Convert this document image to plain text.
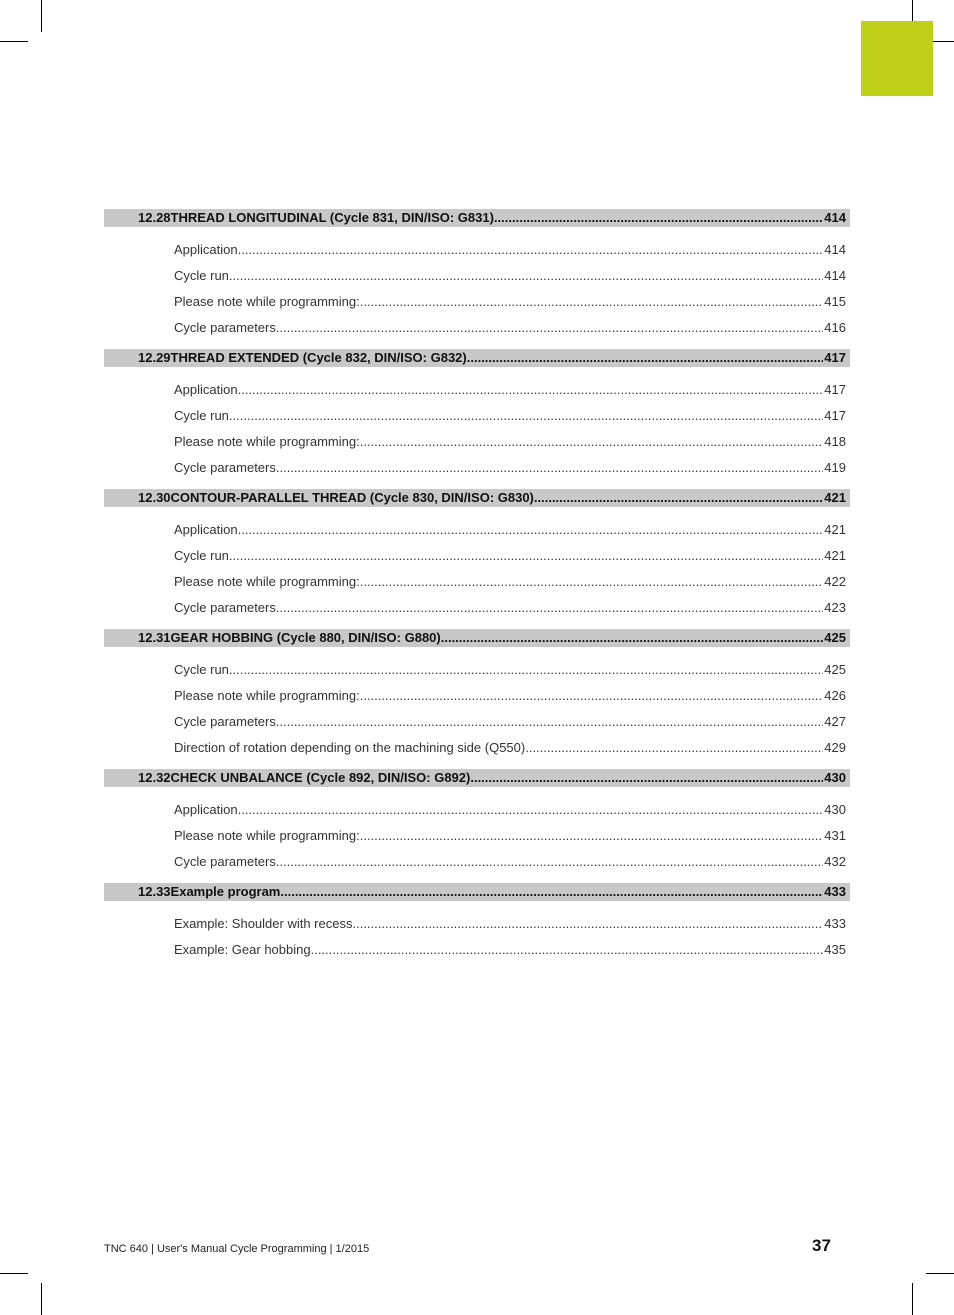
12.28 THREAD LONGITUDINAL (Cycle 831, DIN/ISO: G831) .....	414
Application .....	414
Cycle run .....	414
Please note while programming: .....	415
Cycle parameters .....	416
12.29 THREAD EXTENDED (Cycle 832, DIN/ISO: G832) .....	417
Application .....	417
Cycle run .....	417
Please note while programming: .....	418
Cycle parameters .....	419
12.30 CONTOUR-PARALLEL THREAD (Cycle 830, DIN/ISO: G830) .....	421
Application .....	421
Cycle run .....	421
Please note while programming: .....	422
Cycle parameters .....	423
12.31 GEAR HOBBING (Cycle 880, DIN/ISO: G880) .....	425
Cycle run .....	425
Please note while programming: .....	426
Cycle parameters .....	427
Direction of rotation depending on the machining side (Q550) .....	429
12.32 CHECK UNBALANCE (Cycle 892, DIN/ISO: G892) .....	430
Application .....	430
Please note while programming: .....	431
Cycle parameters .....	432
12.33 Example program .....	433
Example: Shoulder with recess .....	433
Example: Gear hobbing .....	435
TNC 640 | User's Manual Cycle Programming | 1/2015	37
